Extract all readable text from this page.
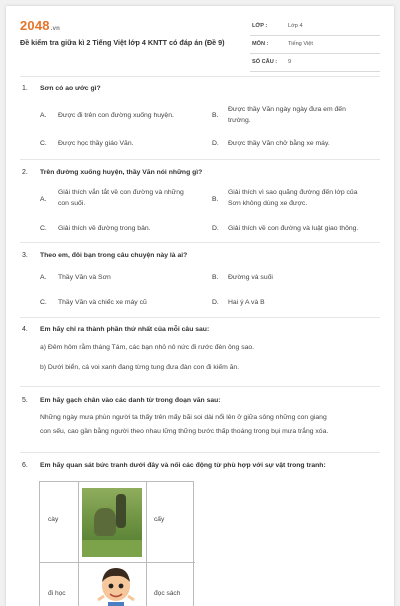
2048.vn
Đề kiểm tra giữa kì 2 Tiếng Việt lớp 4 KNTT có đáp án (Đề 9)
LỚP :	Lớp 4
MÔN :	Tiếng Việt
SỐ CÂU : 9
1. Sơn có ao ước gì?
A. Được đi trên con đường xuống huyện.	B.
Được thầy Văn ngày ngày đưa em đến
trường.
C. Được học thầy giáo Văn.	D. Được thầy Văn chở bằng xe máy.
2. Trên đường xuống huyện, thầy Văn nói những gì?
A.
Giải thích vắn tắt về con đường và những
con suối.
B.
Giải thích vì sao quãng đường đến lớp của
Sơn không dùng xe được.
C. Giải thích về đường trong bản.	D. Giải thích về con đường và luật giao thông.
3. Theo em, đôi bạn trong câu chuyện này là ai?
A. Thầy Văn và Sơn	B. Đường và suối
C. Thầy Văn và chiếc xe máy cũ	D. Hai ý A và B
4. Em hãy chỉ ra thành phần thứ nhất của mỗi câu sau:
a) Đêm hôm rằm tháng Tám, các bạn nhỏ nô nức đi rước đèn ông sao.
b) Dưới biển, cá voi xanh đang từng tung đưa đàn con đi kiếm ăn.
5. Em hãy gạch chân vào các danh từ trong đoạn văn sau:
Những ngày mưa phùn người ta thấy trên mấy bãi soi dài nổi lên ở giữa sông những con giang
con sếu, cao gần bằng người theo nhau lững thững bước thấp thoáng trong bụi mưa trắng xóa.
6. Em hãy quan sát bức tranh dưới đây và nối các động từ phù hợp với sự vật trong tranh:
cày	cấy
đi học	đọc sách
